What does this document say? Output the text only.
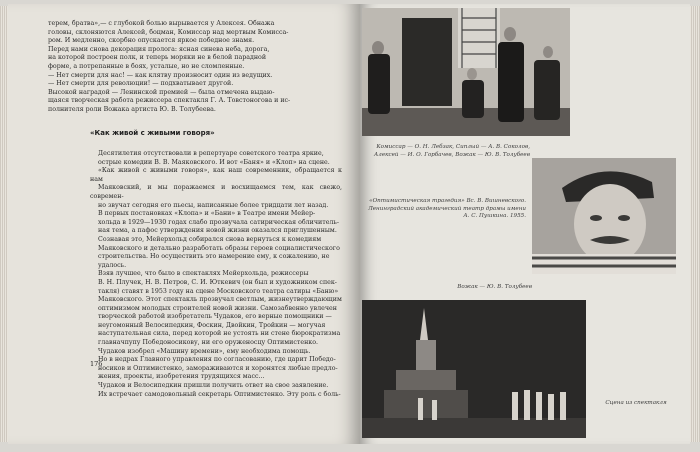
терем, братва»,— с глубокой болью вырывается у Алексея. Обнажа

головы, склоняются Алексей, боцман, Комиссар над мертвым Комисса-

ром. И медленно, скорбно опускается яркое победное знамя.

Перед нами снова декорация пролога: ясная синева неба, дорога,

на которой построен полк, и теперь моряки не в белой парадной

форме, а потрепанные в боях, усталые, но не сломленные.

— Нет смерти для нас! — как клятву произносит один из ведущих.

— Нет смерти для революции! — подхватывает другой.

Высокой наградой — Ленинской премией — была отмечена выдаю-

щаяся творческая работа режиссера спектакля Г. А. Товстоногова и ис-

полнителя роли Вожака артиста Ю. В. Толубеева.

«Как живой с живыми говоря»

Десятилетия отсутствовали в репертуаре советского театра яркие,

острые комедии В. В. Маяковского. И вот «Баня» и «Клоп» на сцене.

«Как живой с живыми говоря», как наш современник, обращается к нам

Маяковский, и мы поражаемся и восхищаемся тем, как свежо, современ-

но звучат сегодня его пьесы, написанные более тридцати лет назад.

В первых постановках «Клопа» и «Бани» в Театре имени Мейер-

хольда в 1929—1930 годах слабо прозвучала сатирическая обличитель-

ная тема, а пафос утверждения новой жизни оказался приглушенным.

Сознавая это, Мейерхольд собирался снова вернуться к комедиям

Маяковского и детально разработать образы героев социалистического

строительства. Но осуществить это намерение ему, к сожалению, не

удалось.

Взяв лучшее, что было в спектаклях Мейерхольда, режиссеры

В. Н. Плучек, Н. В. Петров, С. И. Юткевич (он был и художником спек-

такля) ставят в 1953 году на сцене Московского театра сатиры «Баню»

Маяковского. Этот спектакль прозвучал светлым, жизнеутверждающим

оптимизмом молодых строителей новой жизни. Самозабвенно увлечен

творческой работой изобретатель Чудаков, его верные помощники —

неугомонный Велосипедкин, Фоскин, Двойкин, Тройкин — могучая

наступательная сила, перед которой не устоять ни стене бюрократизма

главначпупу Победоносикову, ни его оруженосцу Оптимистенко.

Чудаков изобрел «Машину времени», ему необходима помощь.

Но в недрах Главного управления по согласованию, где царит Победо-

носиков и Оптимистенко, замораживаются и хоронятся любые предло-

жения, проекты, изобретения трудящихся масс...

Чудаков и Велосипедкин пришли получить ответ на свое заявление.

Их встречает самодовольный секретарь Оптимистенко. Эту роль с боль-

176
Комиссар — О. Н. Лебзак, Сиплый — А. В. Соколов, Алексей — И. О. Горбачев, Вожак — Ю. В. Толубеев
«Оптимистическая трагедия» Вс. В. Вишневского. Ленинградский академический театр драмы имени А. С. Пушкина. 1955.
Вожак — Ю. В. Толубеев
Сцена из спектакля
